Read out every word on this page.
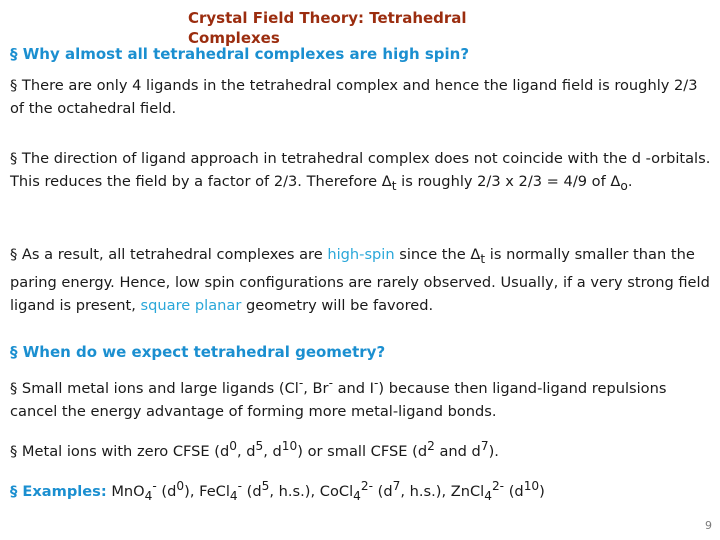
Crystal Field Theory: Tetrahedral Complexes

§ Why almost all tetrahedral complexes are high spin?

§ There are only 4 ligands in the tetrahedral complex and hence the ligand field is roughly 2/3 of the octahedral field.

§ The direction of ligand approach in tetrahedral complex does not coincide with the d -orbitals. This reduces the field by a factor of 2/3. Therefore $\Delta_t$ is roughly 2/3 x 2/3 = 4/9 of $\Delta_o$.

§ As a result, all tetrahedral complexes are high-spin since the $\Delta_t$ is normally smaller than the paring energy. Hence, low spin configurations are rarely observed. Usually, if a very strong field ligand is present, square planar geometry will be favored.

§ When do we expect tetrahedral geometry?

§ Small metal ions and large ligands (Cl-, Br- and I-) because then ligand-ligand repulsions cancel the energy advantage of forming more metal-ligand bonds.

§ Metal ions with zero CFSE ($d^0$, $d^5$, $d^{10}$) or small CFSE ($d^2$ and $d^7$).

§ Examples: MnO$_4$- $(d^0)$, FeCl$_4$- ($d^5$, h.s.), CoCl$_4^{2-}$ ($d^7$, h.s.), ZnCl$_4^{2-}$ $(d^{10})$

9
